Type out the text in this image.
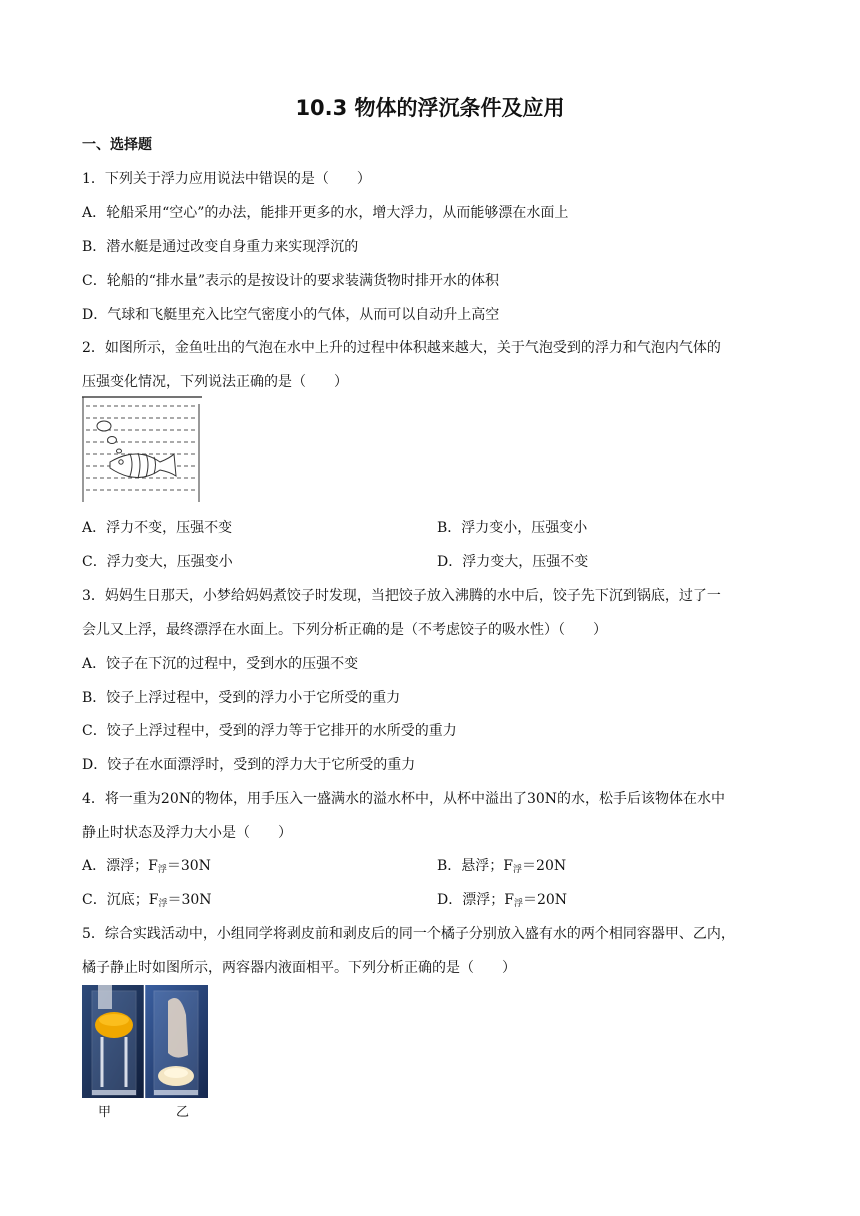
10.3 物体的浮沉条件及应用
一、选择题
1．下列关于浮力应用说法中错误的是（　　）
A．轮船采用“空心”的办法，能排开更多的水，增大浮力，从而能够漂在水面上
B．潜水艇是通过改变自身重力来实现浮沉的
C．轮船的“排水量”表示的是按设计的要求装满货物时排开水的体积
D．气球和飞艇里充入比空气密度小的气体，从而可以自动升上高空
2．如图所示，金鱼吐出的气泡在水中上升的过程中体积越来越大，关于气泡受到的浮力和气泡内气体的
压强变化情况，下列说法正确的是（　　）
A．浮力不变，压强不变	B．浮力变小，压强变小
C．浮力变大，压强变小	D．浮力变大，压强不变
3．妈妈生日那天，小梦给妈妈煮饺子时发现，当把饺子放入沸腾的水中后，饺子先下沉到锅底，过了一
会儿又上浮，最终漂浮在水面上。下列分析正确的是（不考虑饺子的吸水性）（　　）
A．饺子在下沉的过程中，受到水的压强不变
B．饺子上浮过程中，受到的浮力小于它所受的重力
C．饺子上浮过程中，受到的浮力等于它排开的水所受的重力
D．饺子在水面漂浮时，受到的浮力大于它所受的重力
4．将一重为20N的物体，用手压入一盛满水的溢水杯中，从杯中溢出了30N的水，松手后该物体在水中
静止时状态及浮力大小是（　　）
A．漂浮；$F_浮=30N$	B．悬浮；$F_浮=20N$
C．沉底；$F_浮=30N$	D．漂浮；$F_浮=20N$
5．综合实践活动中，小组同学将剥皮前和剥皮后的同一个橘子分别放入盛有水的两个相同容器甲、乙内，
橘子静止时如图所示，两容器内液面相平。下列分析正确的是（　　）
甲	乙
